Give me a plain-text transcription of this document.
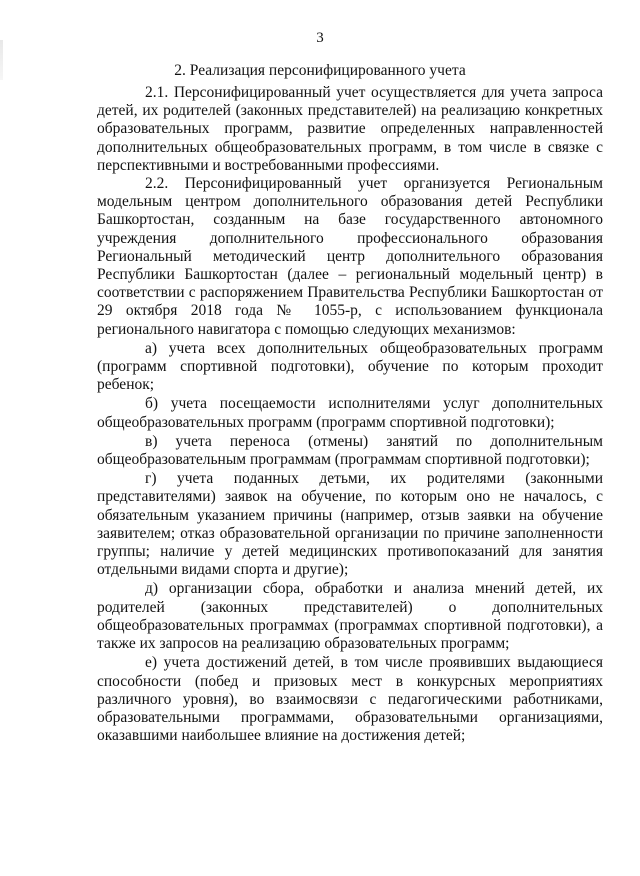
3
2. Реализация персонифицированного учета

2.1. Персонифицированный учет осуществляется для учета запроса детей, их родителей (законных представителей) на реализацию конкретных образовательных программ, развитие определенных направленностей дополнительных общеобразовательных программ, в том числе в связке с перспективными и востребованными профессиями.

2.2. Персонифицированный учет организуется Региональным модельным центром дополнительного образования детей Республики Башкортостан, созданным на базе государственного автономного учреждения дополнительного профессионального образования Региональный методический центр дополнительного образования Республики Башкортостан (далее – региональный модельный центр) в соответствии с распоряжением Правительства Республики Башкортостан от 29 октября 2018 года № 1055-р, с использованием функционала регионального навигатора с помощью следующих механизмов:

а) учета всех дополнительных общеобразовательных программ (программ спортивной подготовки), обучение по которым проходит ребенок;

б) учета посещаемости исполнителями услуг дополнительных общеобразовательных программ (программ спортивной подготовки);

в) учета переноса (отмены) занятий по дополнительным общеобразовательным программам (программам спортивной подготовки);

г) учета поданных детьми, их родителями (законными представителями) заявок на обучение, по которым оно не началось, с обязательным указанием причины (например, отзыв заявки на обучение заявителем; отказ образовательной организации по причине заполненности группы; наличие у детей медицинских противопоказаний для занятия отдельными видами спорта и другие);

д) организации сбора, обработки и анализа мнений детей, их родителей (законных представителей) о дополнительных общеобразовательных программах (программах спортивной подготовки), а также их запросов на реализацию образовательных программ;

е) учета достижений детей, в том числе проявивших выдающиеся способности (побед и призовых мест в конкурсных мероприятиях различного уровня), во взаимосвязи с педагогическими работниками, образовательными программами, образовательными организациями, оказавшими наибольшее влияние на достижения детей;
